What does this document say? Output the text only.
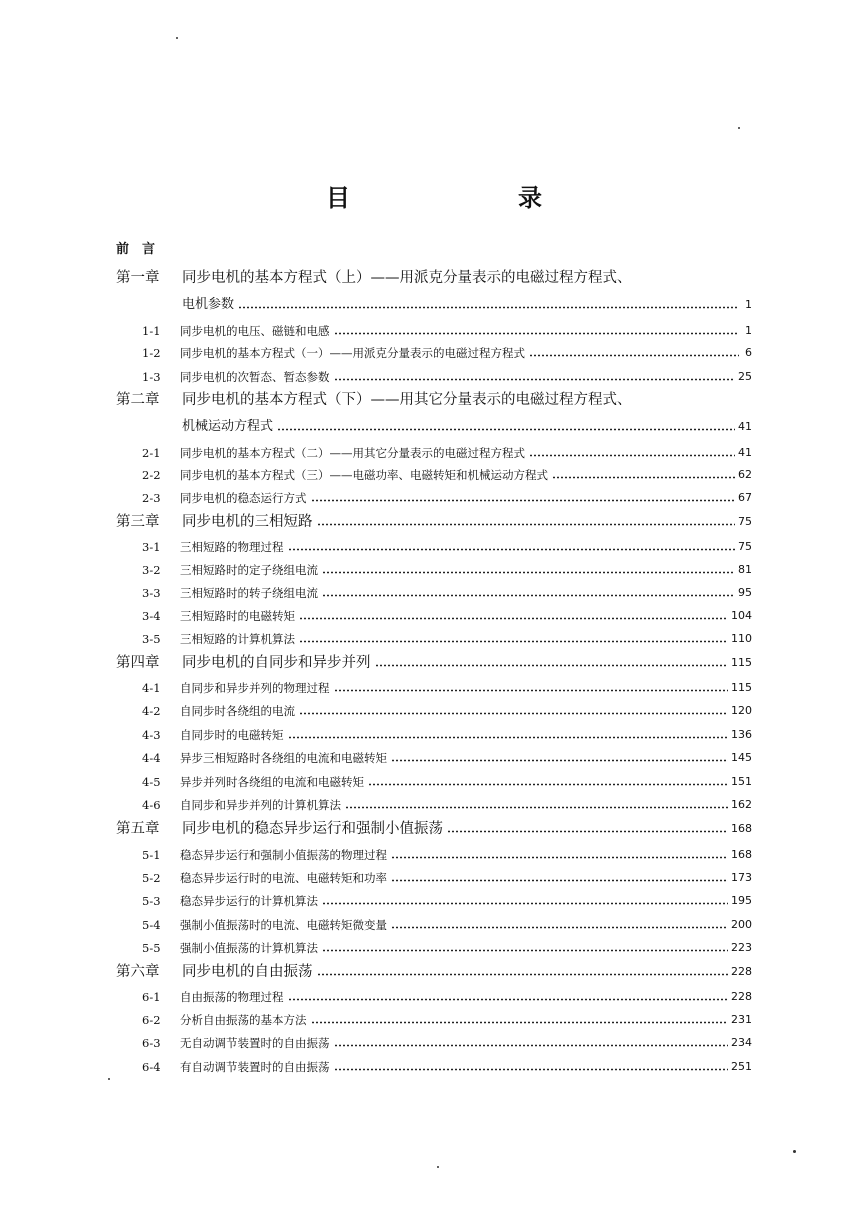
目　录
前　言
第一章	同步电机的基本方程式（上）——用派克分量表示的电磁过程方程式、
电机参数	1
1-1	同步电机的电压、磁链和电感	1
1-2	同步电机的基本方程式（一）——用派克分量表示的电磁过程方程式	6
1-3	同步电机的次暂态、暂态参数	25
第二章	同步电机的基本方程式（下）——用其它分量表示的电磁过程方程式、
机械运动方程式	41
2-1	同步电机的基本方程式（二）——用其它分量表示的电磁过程方程式	41
2-2	同步电机的基本方程式（三）——电磁功率、电磁转矩和机械运动方程式	62
2-3	同步电机的稳态运行方式	67
第三章	同步电机的三相短路	75
3-1	三相短路的物理过程	75
3-2	三相短路时的定子绕组电流	81
3-3	三相短路时的转子绕组电流	95
3-4	三相短路时的电磁转矩	104
3-5	三相短路的计算机算法	110
第四章	同步电机的自同步和异步并列	115
4-1	自同步和异步并列的物理过程	115
4-2	自同步时各绕组的电流	120
4-3	自同步时的电磁转矩	136
4-4	异步三相短路时各绕组的电流和电磁转矩	145
4-5	异步并列时各绕组的电流和电磁转矩	151
4-6	自同步和异步并列的计算机算法	162
第五章	同步电机的稳态异步运行和强制小值振荡	168
5-1	稳态异步运行和强制小值振荡的物理过程	168
5-2	稳态异步运行时的电流、电磁转矩和功率	173
5-3	稳态异步运行的计算机算法	195
5-4	强制小值振荡时的电流、电磁转矩微变量	200
5-5	强制小值振荡的计算机算法	223
第六章	同步电机的自由振荡	228
6-1	自由振荡的物理过程	228
6-2	分析自由振荡的基本方法	231
6-3	无自动调节装置时的自由振荡	234
6-4	有自动调节装置时的自由振荡	251
